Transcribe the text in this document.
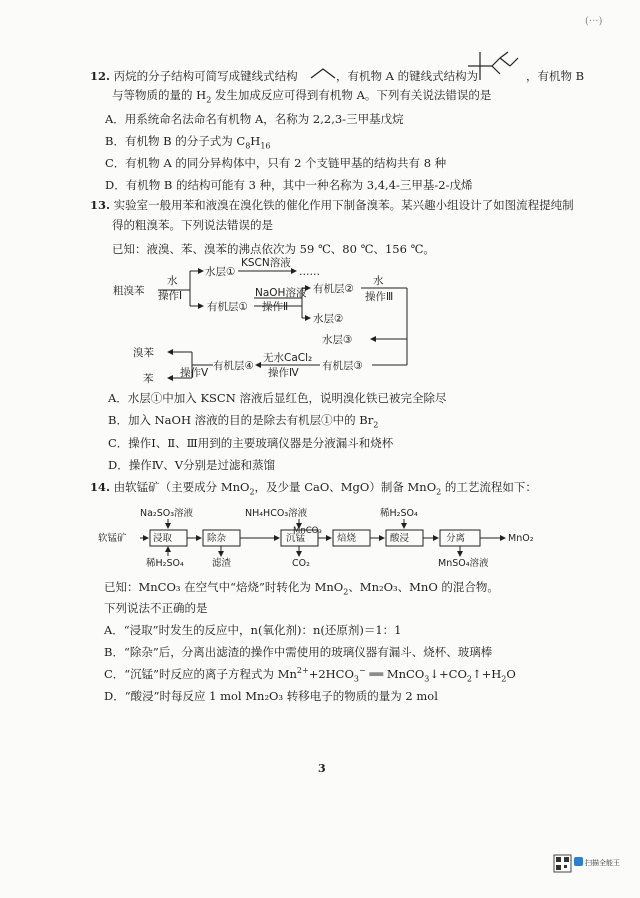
(···)
12. 丙烷的分子结构可简写成键线式结构	，有机物 A 的键线式结构为	，有机物 B
与等物质的量的 $H_2$ 发生加成反应可得到有机物 A。下列有关说法错误的是
A．用系统命名法命名有机物 A，名称为 2,2,3-三甲基戊烷
B．有机物 B 的分子式为 $C_8H_{16}$
C．有机物 A 的同分异构体中，只有 2 个支链甲基的结构共有 8 种
D．有机物 B 的结构可能有 3 种，其中一种名称为 3,4,4-三甲基-2-戊烯
13. 实验室一般用苯和液溴在溴化铁的催化作用下制备溴苯。某兴趣小组设计了如图流程提纯制
得的粗溴苯。下列说法错误的是
已知：液溴、苯、溴苯的沸点依次为 59 ℃、80 ℃、156 ℃。
粗溴苯
水
操作Ⅰ
水层①
KSCN溶液
……
有机层①
NaOH溶液
操作Ⅱ
有机层②
水层②
水
操作Ⅲ
水层③
有机层③
无水CaCl₂
操作Ⅳ
有机层④
操作Ⅴ
溴苯
苯
A．水层①中加入 KSCN 溶液后显红色，说明溴化铁已被完全除尽
B．加入 NaOH 溶液的目的是除去有机层①中的 $Br_2$
C．操作Ⅰ、Ⅱ、Ⅲ用到的主要玻璃仪器是分液漏斗和烧杯
D．操作Ⅳ、Ⅴ分别是过滤和蒸馏
14. 由软锰矿（主要成分 MnO$_2$，及少量 CaO、MgO）制备 MnO$_2$ 的工艺流程如下：
软锰矿	浸取	除杂	沉锰	焙烧	酸浸	分离	MnO₂
Na₂SO₃溶液
稀H₂SO₄	滤渣
NH₄HCO₃溶液
MnCO₃
CO₂
稀H₂SO₄
MnSO₄溶液
已知：MnCO₃ 在空气中“焙烧”时转化为 MnO$_2$、Mn₂O₃、MnO 的混合物。
下列说法不正确的是
A．“浸取”时发生的反应中，n(氧化剂)：n(还原剂)＝1：1
B．“除杂”后，分离出滤渣的操作中需使用的玻璃仪器有漏斗、烧杯、玻璃棒
C．“沉锰”时反应的离子方程式为 $Mn^{2+}+2HCO_3^-$ ══ $MnCO_3↓+CO_2↑+H_2O$
D．“酸浸”时每反应 1 mol Mn₂O₃ 转移电子的物质的量为 2 mol
3
扫描全能王
